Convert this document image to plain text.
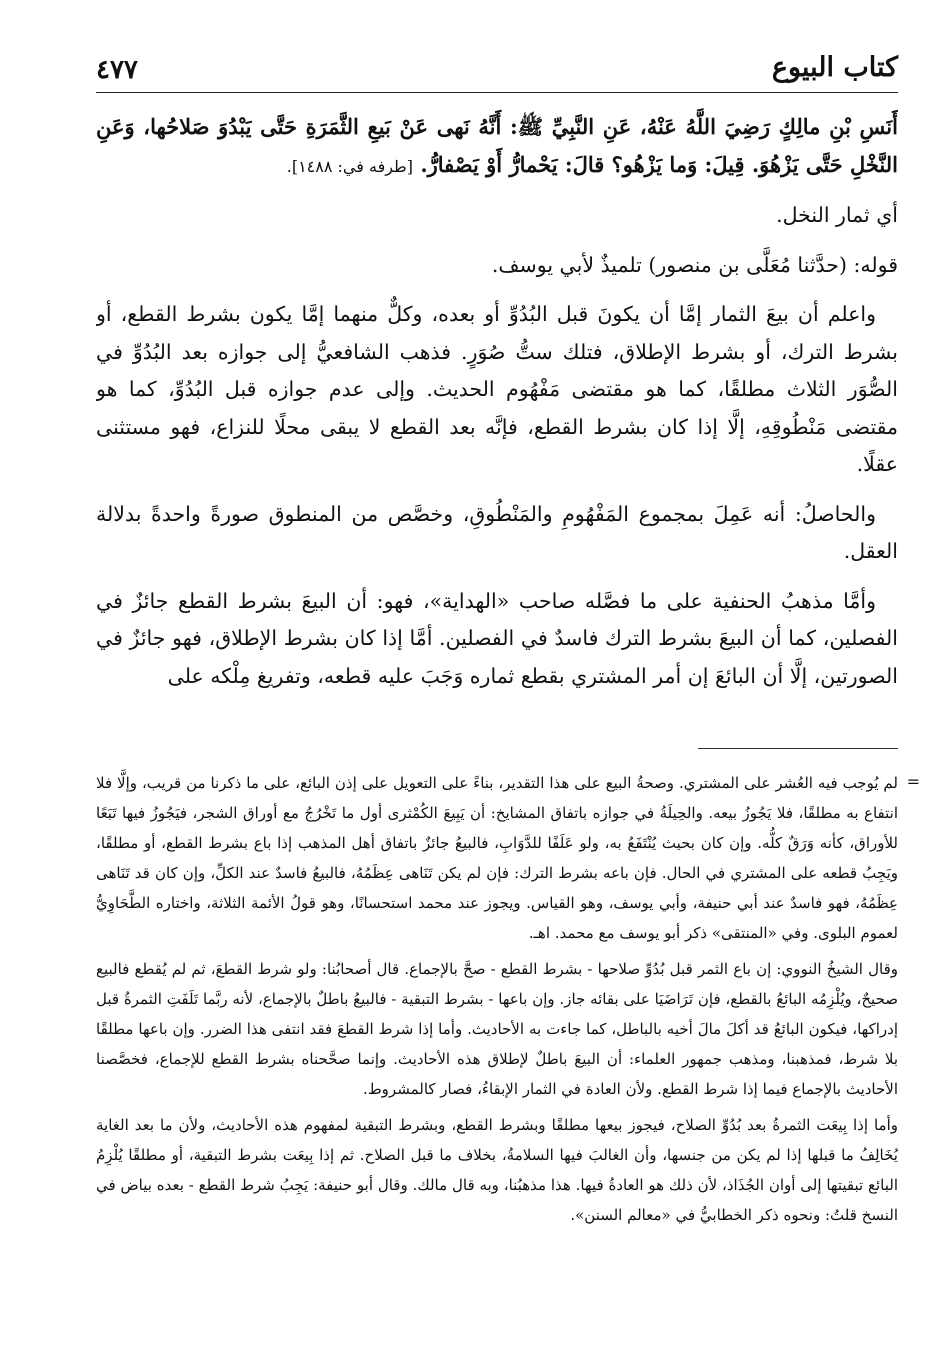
كتاب البيوع
٤٧٧

أَنَسِ بْنِ مالِكٍ رَضِيَ اللَّهُ عَنْهُ، عَنِ النَّبِيِّ ﷺ: أَنَّهُ نَهى عَنْ بَيعِ الثَّمَرَةِ حَتَّى يَبْدُوَ صَلاحُها، وَعَنِ النَّخْلِ حَتَّى يَزْهُوَ. قِيلَ: وَما يَزْهُو؟ قالَ: يَحْمارُّ أَوْ يَصْفارُّ. [طرفه في: ١٤٨٨].

أي ثمار النخل.

قوله: (حدَّثنا مُعَلَّى بن منصور) تلميذٌ لأبي يوسف.

واعلم أن بيعَ الثمار إمَّا أن يكونَ قبل البُدُوِّ أو بعده، وكلٌّ منهما إمَّا يكون بشرط القطع، أو بشرط الترك، أو بشرط الإطلاق، فتلك ستُّ صُوَرٍ. فذهب الشافعيُّ إلى جوازه بعد البُدُوِّ في الصُّوَر الثلاث مطلقًا، كما هو مقتضى مَفْهُوم الحديث. وإلى عدم جوازه قبل البُدُوِّ، كما هو مقتضى مَنْطُوقِهِ، إلَّا إذا كان بشرط القطع، فإنَّه بعد القطع لا يبقى محلًا للنزاع، فهو مستثنى عقلًا.

والحاصلُ: أنه عَمِلَ بمجموع المَفْهُومِ والمَنْطُوقِ، وخصَّص من المنطوق صورةً واحدةً بدلالة العقل.

وأمَّا مذهبُ الحنفية على ما فصَّله صاحب «الهداية»، فهو: أن البيعَ بشرط القطع جائزٌ في الفصلين، كما أن البيعَ بشرط الترك فاسدٌ في الفصلين. أمَّا إذا كان بشرط الإطلاق، فهو جائزٌ في الصورتين، إلَّا أن البائعَ إن أمر المشتري بقطع ثماره وَجَبَ عليه قطعه، وتفريغ مِلْكه على

=

لم يُوجب فيه العُشر على المشتري. وصحةُ البيع على هذا التقدير، بناءً على التعويل على إذن البائع، على ما ذكرنا من قريب، وإلَّا فلا انتفاع به مطلقًا، فلا يَجُوزُ بيعه. والحِيلَةُ في جوازه باتفاق المشايخ: أن يَبِيعَ الكُمْثرى أول ما تَخْرُجُ مع أوراق الشجر، فيَجُوزُ فيها تَبَعًا للأوراق، كأنه وَرَقٌ كلُّه. وإن كان بحيث يُنْتَفَعُ به، ولو عَلَفًا للدَّوَابِ، فالبيعُ جائزٌ باتفاق أهل المذهب إذا باع بشرط القطع، أو مطلقًا، ويَجِبُ قطعه على المشتري في الحال. فإن باعه بشرط الترك: فإن لم يكن تَنَاهى عِظَمُهُ، فالبيعُ فاسدٌ عند الكلِّ، وإن كان قد تَنَاهى عِظَمُهُ، فهو فاسدٌ عند أبي حنيفة، وأبي يوسف، وهو القياس. ويجوز عند محمد استحسانًا، وهو قولُ الأئمة الثلاثة، واختاره الطَّحَاوِيُّ لعموم البلوى. وفي «المنتقى» ذكر أبو يوسف مع محمد. اهـ.

وقال الشيخُ النووي: إن باع الثمر قبل بُدُوِّ صلاحها - بشرط القطع - صحَّ بالإجماع. قال أصحابُنا: ولو شرط القطعَ، ثم لم يُقطع فالبيع صحيحٌ، ويُلْزِمُه البائعُ بالقطع، فإن تَرَاضَيَا على بقائه جاز. وإن باعها - بشرط التبقية - فالبيعُ باطلٌ بالإجماع، لأنه ربَّما تَلَفَتِ الثمرةُ قبل إدراكها، فيكون البائعُ قد أكلَ مالَ أخيه بالباطل، كما جاءت به الأحاديث. وأما إذا شرط القطعَ فقد انتفى هذا الضرر. وإن باعها مطلقًا بلا شرط، فمذهبنا، ومذهب جمهور العلماء: أن البيعَ باطلٌ لإطلاق هذه الأحاديث. وإنما صحَّحناه بشرط القطع للإجماع، فخصَّصنا الأحاديث بالإجماع فيما إذا شرط القطع. ولأن العادة في الثمار الإبقاءُ، فصار كالمشروط.

وأما إذا بِيعَت الثمرةُ بعد بُدُوِّ الصلاح، فيجوز بيعها مطلقًا وبشرط القطع، وبشرط التبقية لمفهوم هذه الأحاديث، ولأن ما بعد الغاية يُخَالِفُ ما قبلها إذا لم يكن من جنسها، وأن الغالبَ فيها السلامةُ، بخلاف ما قبل الصلاح. ثم إذا بِيعَت بشرط التبقية، أو مطلقًا يُلْزِمُ البائع تبقيتها إلى أوان الجُذَاذ، لأن ذلك هو العادةُ فيها. هذا مذهبُنا، وبه قال مالك. وقال أبو حنيفة: يَجِبُ شرط القطع - بعده بياض في النسخ قلتُ: ونحوه ذكر الخطابيُّ في «معالم السنن».
